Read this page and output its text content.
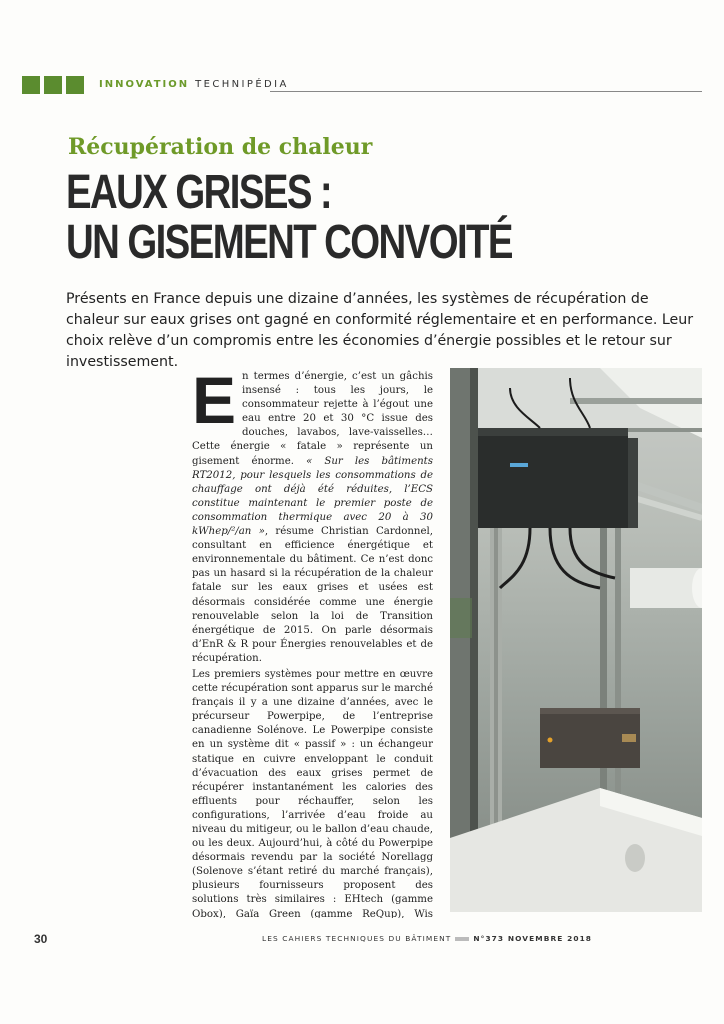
INNOVATION TECHNIPÉDIA
Récupération de chaleur
EAUX GRISES :
UN GISEMENT CONVOITÉ
Présents en France depuis une dizaine d’années, les systèmes de récupération de chaleur sur eaux grises ont gagné en conformité réglementaire et en performance. Leur choix relève d’un compromis entre les économies d’énergie possibles et le retour sur investissement.

En termes d’énergie, c’est un gâchis insensé : tous les jours, le consommateur rejette à l’égout une eau entre 20 et 30 °C issue des douches, lavabos, lave-vaisselles… Cette énergie « fatale » représente un gisement énorme. « Sur les bâtiments RT2012, pour lesquels les consommations de chauffage ont déjà été réduites, l’ECS constitue maintenant le premier poste de consommation thermique avec 20 à 30 kWhep/²/an », résume Christian Cardonnel, consultant en efficience énergétique et environnementale du bâtiment. Ce n’est donc pas un hasard si la récupération de la chaleur fatale sur les eaux grises et usées est désormais considérée comme une énergie renouvelable selon la loi de Transition énergétique de 2015. On parle désormais d’EnR & R pour Énergies renouvelables et de récupération.

Les premiers systèmes pour mettre en œuvre cette récupération sont apparus sur le marché français il y a une dizaine d’années, avec le précurseur Powerpipe, de l’entreprise canadienne Solénove. Le Powerpipe consiste en un système dit « passif » : un échangeur statique en cuivre enveloppant le conduit d’évacuation des eaux grises permet de récupérer instantanément les calories des effluents pour réchauffer, selon les configurations, l’arrivée d’eau froide au niveau du mitigeur, ou le ballon d’eau chaude, ou les deux. Aujourd’hui, à côté du Powerpipe désormais revendu par la société Norellagg (Solenove s’étant retiré du marché français), plusieurs fournisseurs proposent des solutions très similaires : EHtech (gamme Obox), Gaïa Green (gamme ReQup), Wis

30	LES CAHIERS TECHNIQUES DU BÂTIMENT	N°373 NOVEMBRE 2018
